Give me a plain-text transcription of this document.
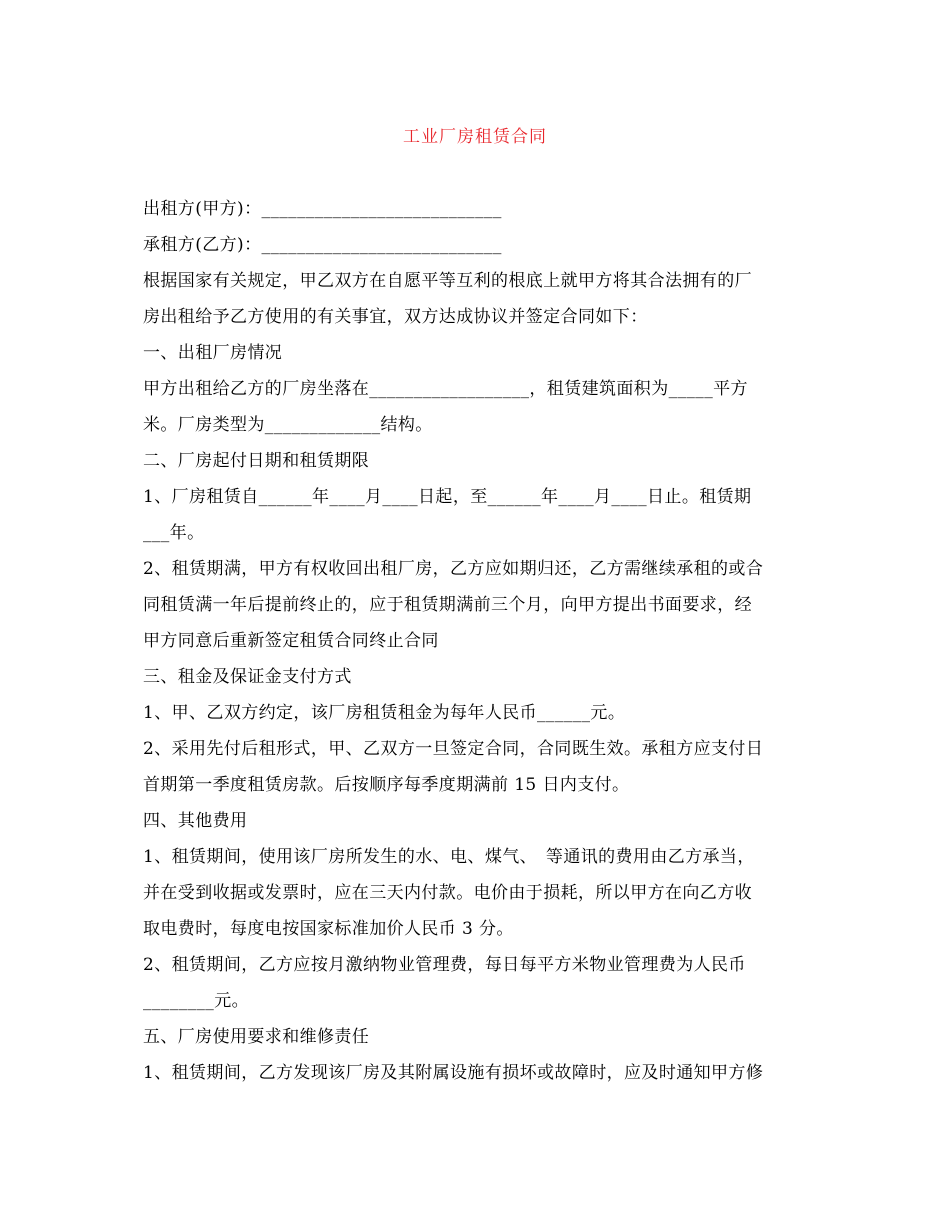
工业厂房租赁合同
出租方(甲方)：___________________________
承租方(乙方)：___________________________
根据国家有关规定，甲乙双方在自愿平等互利的根底上就甲方将其合法拥有的厂
房出租给予乙方使用的有关事宜，双方达成协议并签定合同如下：
一、出租厂房情况
甲方出租给乙方的厂房坐落在__________________，租赁建筑面积为_____平方
米。厂房类型为_____________结构。
二、厂房起付日期和租赁期限
1、厂房租赁自______年____月____日起，至______年____月____日止。租赁期
___年。
2、租赁期满，甲方有权收回出租厂房，乙方应如期归还，乙方需继续承租的或合
同租赁满一年后提前终止的，应于租赁期满前三个月，向甲方提出书面要求，经
甲方同意后重新签定租赁合同终止合同
三、租金及保证金支付方式
1、甲、乙双方约定，该厂房租赁租金为每年人民币______元。
2、采用先付后租形式，甲、乙双方一旦签定合同，合同既生效。承租方应支付日
首期第一季度租赁房款。后按顺序每季度期满前 15 日内支付。
四、其他费用
1、租赁期间，使用该厂房所发生的水、电、煤气、　等通讯的费用由乙方承当，
并在受到收据或发票时，应在三天内付款。电价由于损耗，所以甲方在向乙方收
取电费时，每度电按国家标准加价人民币 3 分。
2、租赁期间，乙方应按月激纳物业管理费，每日每平方米物业管理费为人民币
________元。
五、厂房使用要求和维修责任
1、租赁期间，乙方发现该厂房及其附属设施有损坏或故障时，应及时通知甲方修
